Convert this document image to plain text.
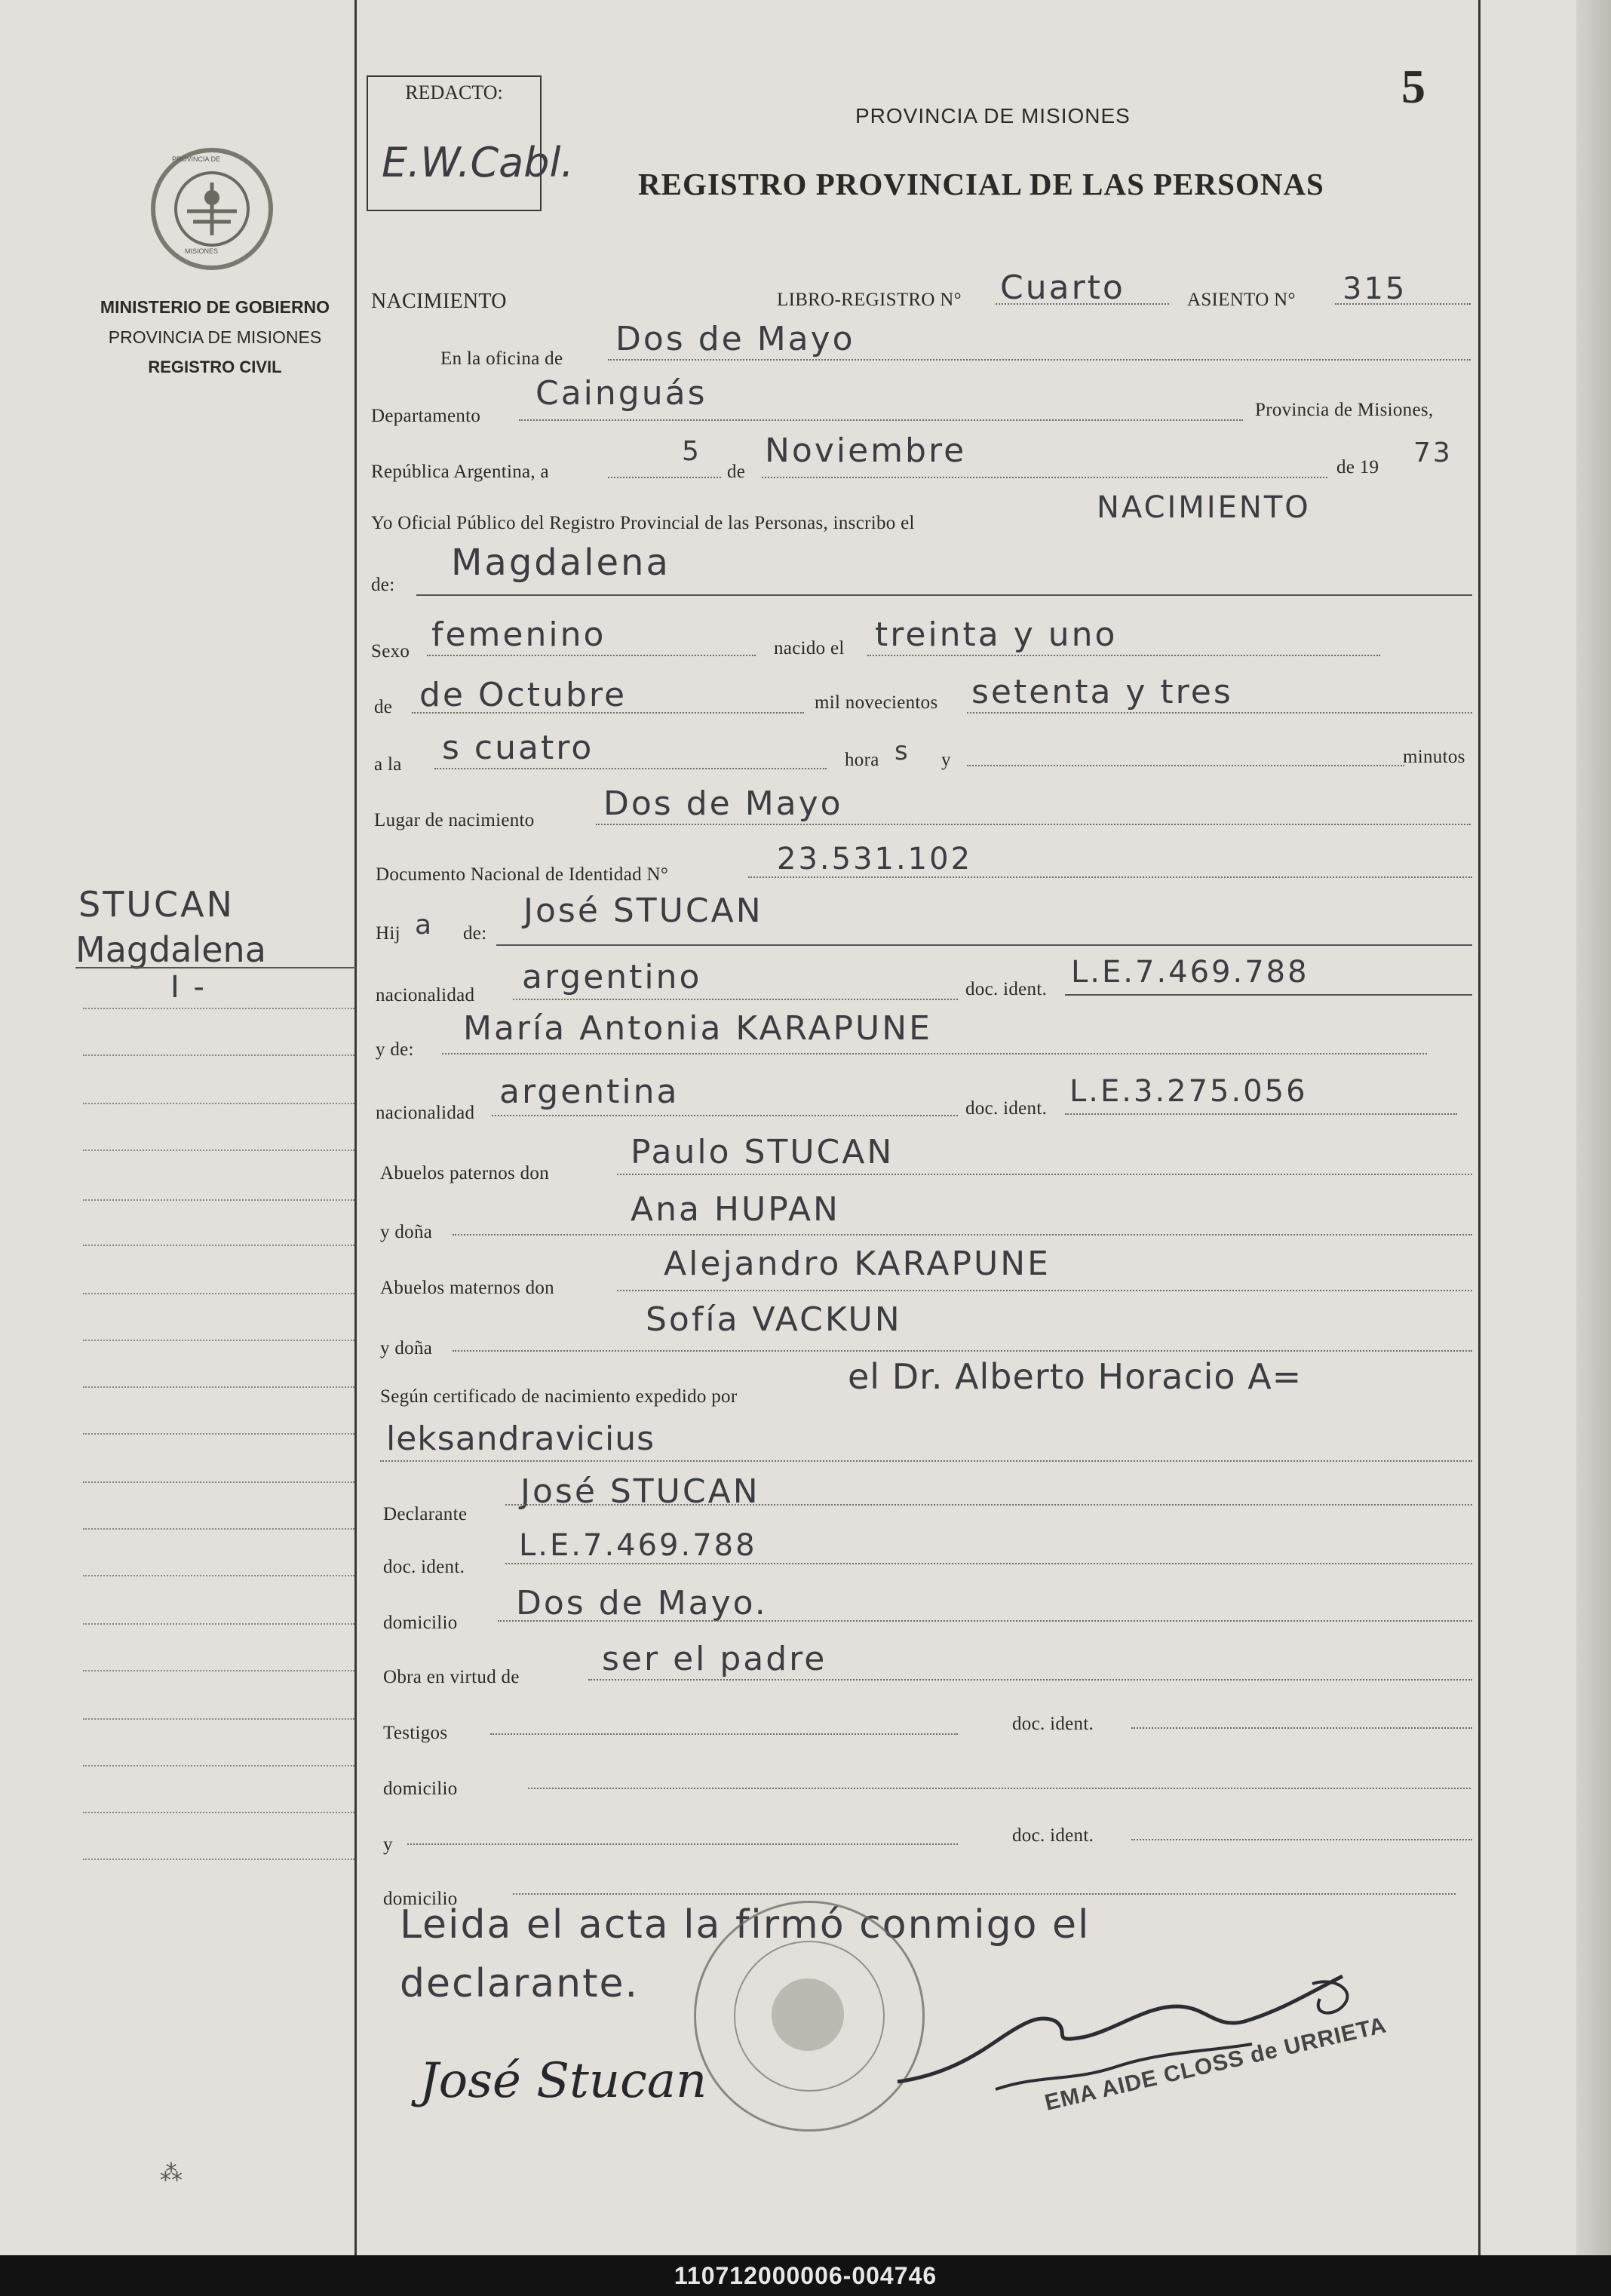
5
REDACTO:
E.W.Cabl.
PROVINCIA DE MISIONES
REGISTRO PROVINCIAL DE LAS PERSONAS
PROVINCIA DE
MISIONES
MINISTERIO DE GOBIERNO
PROVINCIA DE MISIONES
REGISTRO CIVIL
STUCAN
Magdalena
I -
NACIMIENTO	LIBRO-REGISTRO N° Cuarto	ASIENTO N° 315
En la oficina de
Dos de Mayo
Departamento
Cainguás	Provincia de Misiones,
República Argentina, a
5
de
Noviembre	de 19 73
Yo Oficial Público del Registro Provincial de las Personas, inscribo el	NACIMIENTO
de:
Magdalena
Sexo femenino	nacido el treinta y uno
de de Octubre	mil novecientos setenta y tres
a la s cuatro	hora s y	minutos
Lugar de nacimiento Dos de Mayo
Documento Nacional de Identidad N°	23.531.102
Hij a de:
José STUCAN
nacionalidad argentino	doc. ident. L.E.7.469.788
y de:
María Antonia KARAPUNE
nacionalidad
argentina	doc. ident. L.E.3.275.056
Abuelos paternos don
Paulo STUCAN
y doña
Ana HUPAN
Abuelos maternos don
Alejandro KARAPUNE
y doña
Sofía VACKUN
Según certificado de nacimiento expedido por	el Dr. Alberto Horacio A=
leksandravicius
Declarante
José STUCAN
doc. ident.
L.E.7.469.788
domicilio
Dos de Mayo.
Obra en virtud de ser el padre
Testigos	doc. ident.
domicilio
y	doc. ident.
domicilio
Leida el acta la firmó conmigo el
declarante.
José Stucan	EMA AIDE CLOSS de URRIETA
⁂
110712000006-004746
